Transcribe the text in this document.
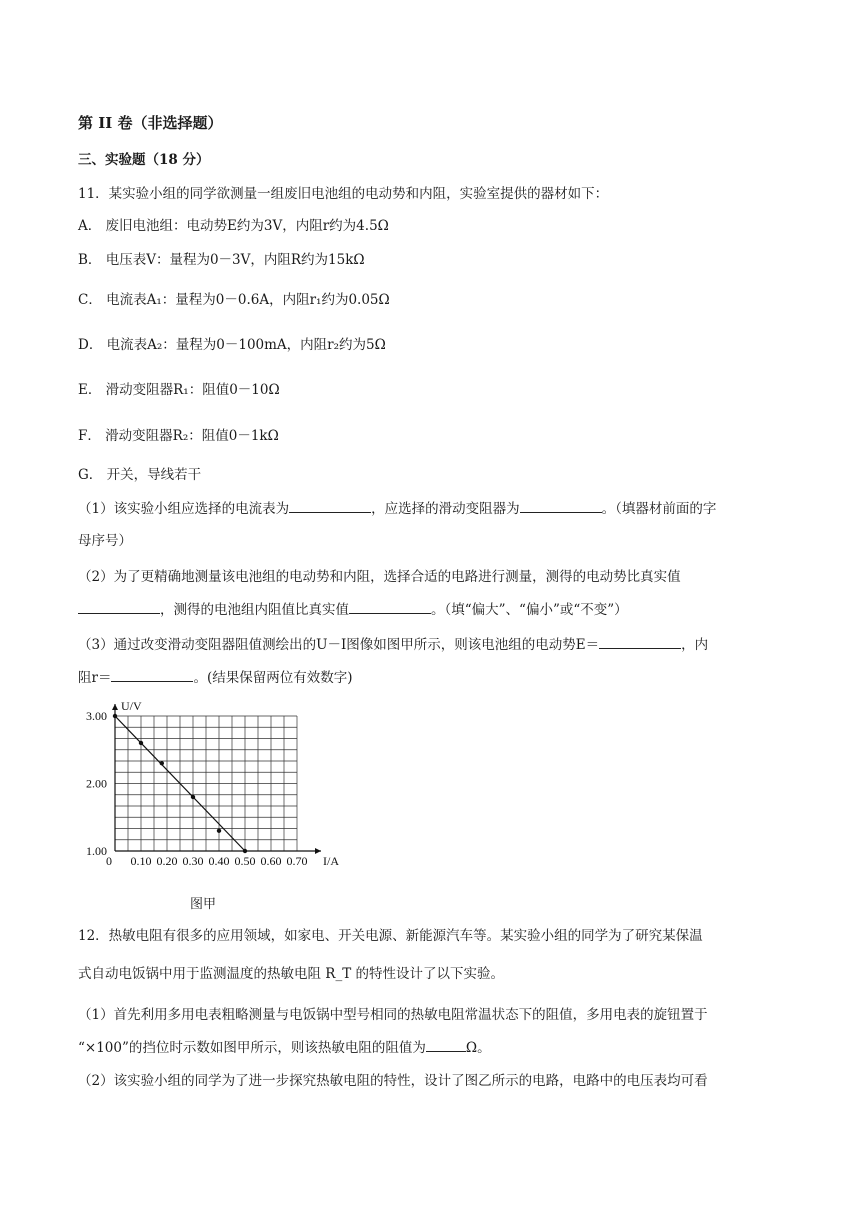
第 II 卷（非选择题）
三、实验题（18 分）
11．某实验小组的同学欲测量一组废旧电池组的电动势和内阻，实验室提供的器材如下：
A． 废旧电池组：电动势E约为3V，内阻r约为4.5Ω
B． 电压表V：量程为0－3V，内阻R约为15kΩ
C． 电流表A₁：量程为0－0.6A，内阻r₁约为0.05Ω
D． 电流表A₂：量程为0－100mA，内阻r₂约为5Ω
E． 滑动变阻器R₁：阻值0－10Ω
F． 滑动变阻器R₂：阻值0－1kΩ
G． 开关，导线若干
（1）该实验小组应选择的电流表为	，应选择的滑动变阻器为	。（填器材前面的字
母序号）
（2）为了更精确地测量该电池组的电动势和内阻，选择合适的电路进行测量，测得的电动势比真实值
，测得的电池组内阻值比真实值	。（填“偏大”、“偏小”或“不变”）
（3）通过改变滑动变阻器阻值测绘出的U－I图像如图甲所示，则该电池组的电动势E＝	，内
阻r＝	。(结果保留两位有效数字)
1.00
2.00
3.00
0 0.10 0.20 0.30 0.40 0.50 0.60 0.70 I/A
U/V
图甲
12．热敏电阻有很多的应用领域，如家电、开关电源、新能源汽车等。某实验小组的同学为了研究某保温
式自动电饭锅中用于监测温度的热敏电阻 R_T 的特性设计了以下实验。
（1）首先利用多用电表粗略测量与电饭锅中型号相同的热敏电阻常温状态下的阻值，多用电表的旋钮置于
“×100”的挡位时示数如图甲所示，则该热敏电阻的阻值为	Ω。
（2）该实验小组的同学为了进一步探究热敏电阻的特性，设计了图乙所示的电路，电路中的电压表均可看
